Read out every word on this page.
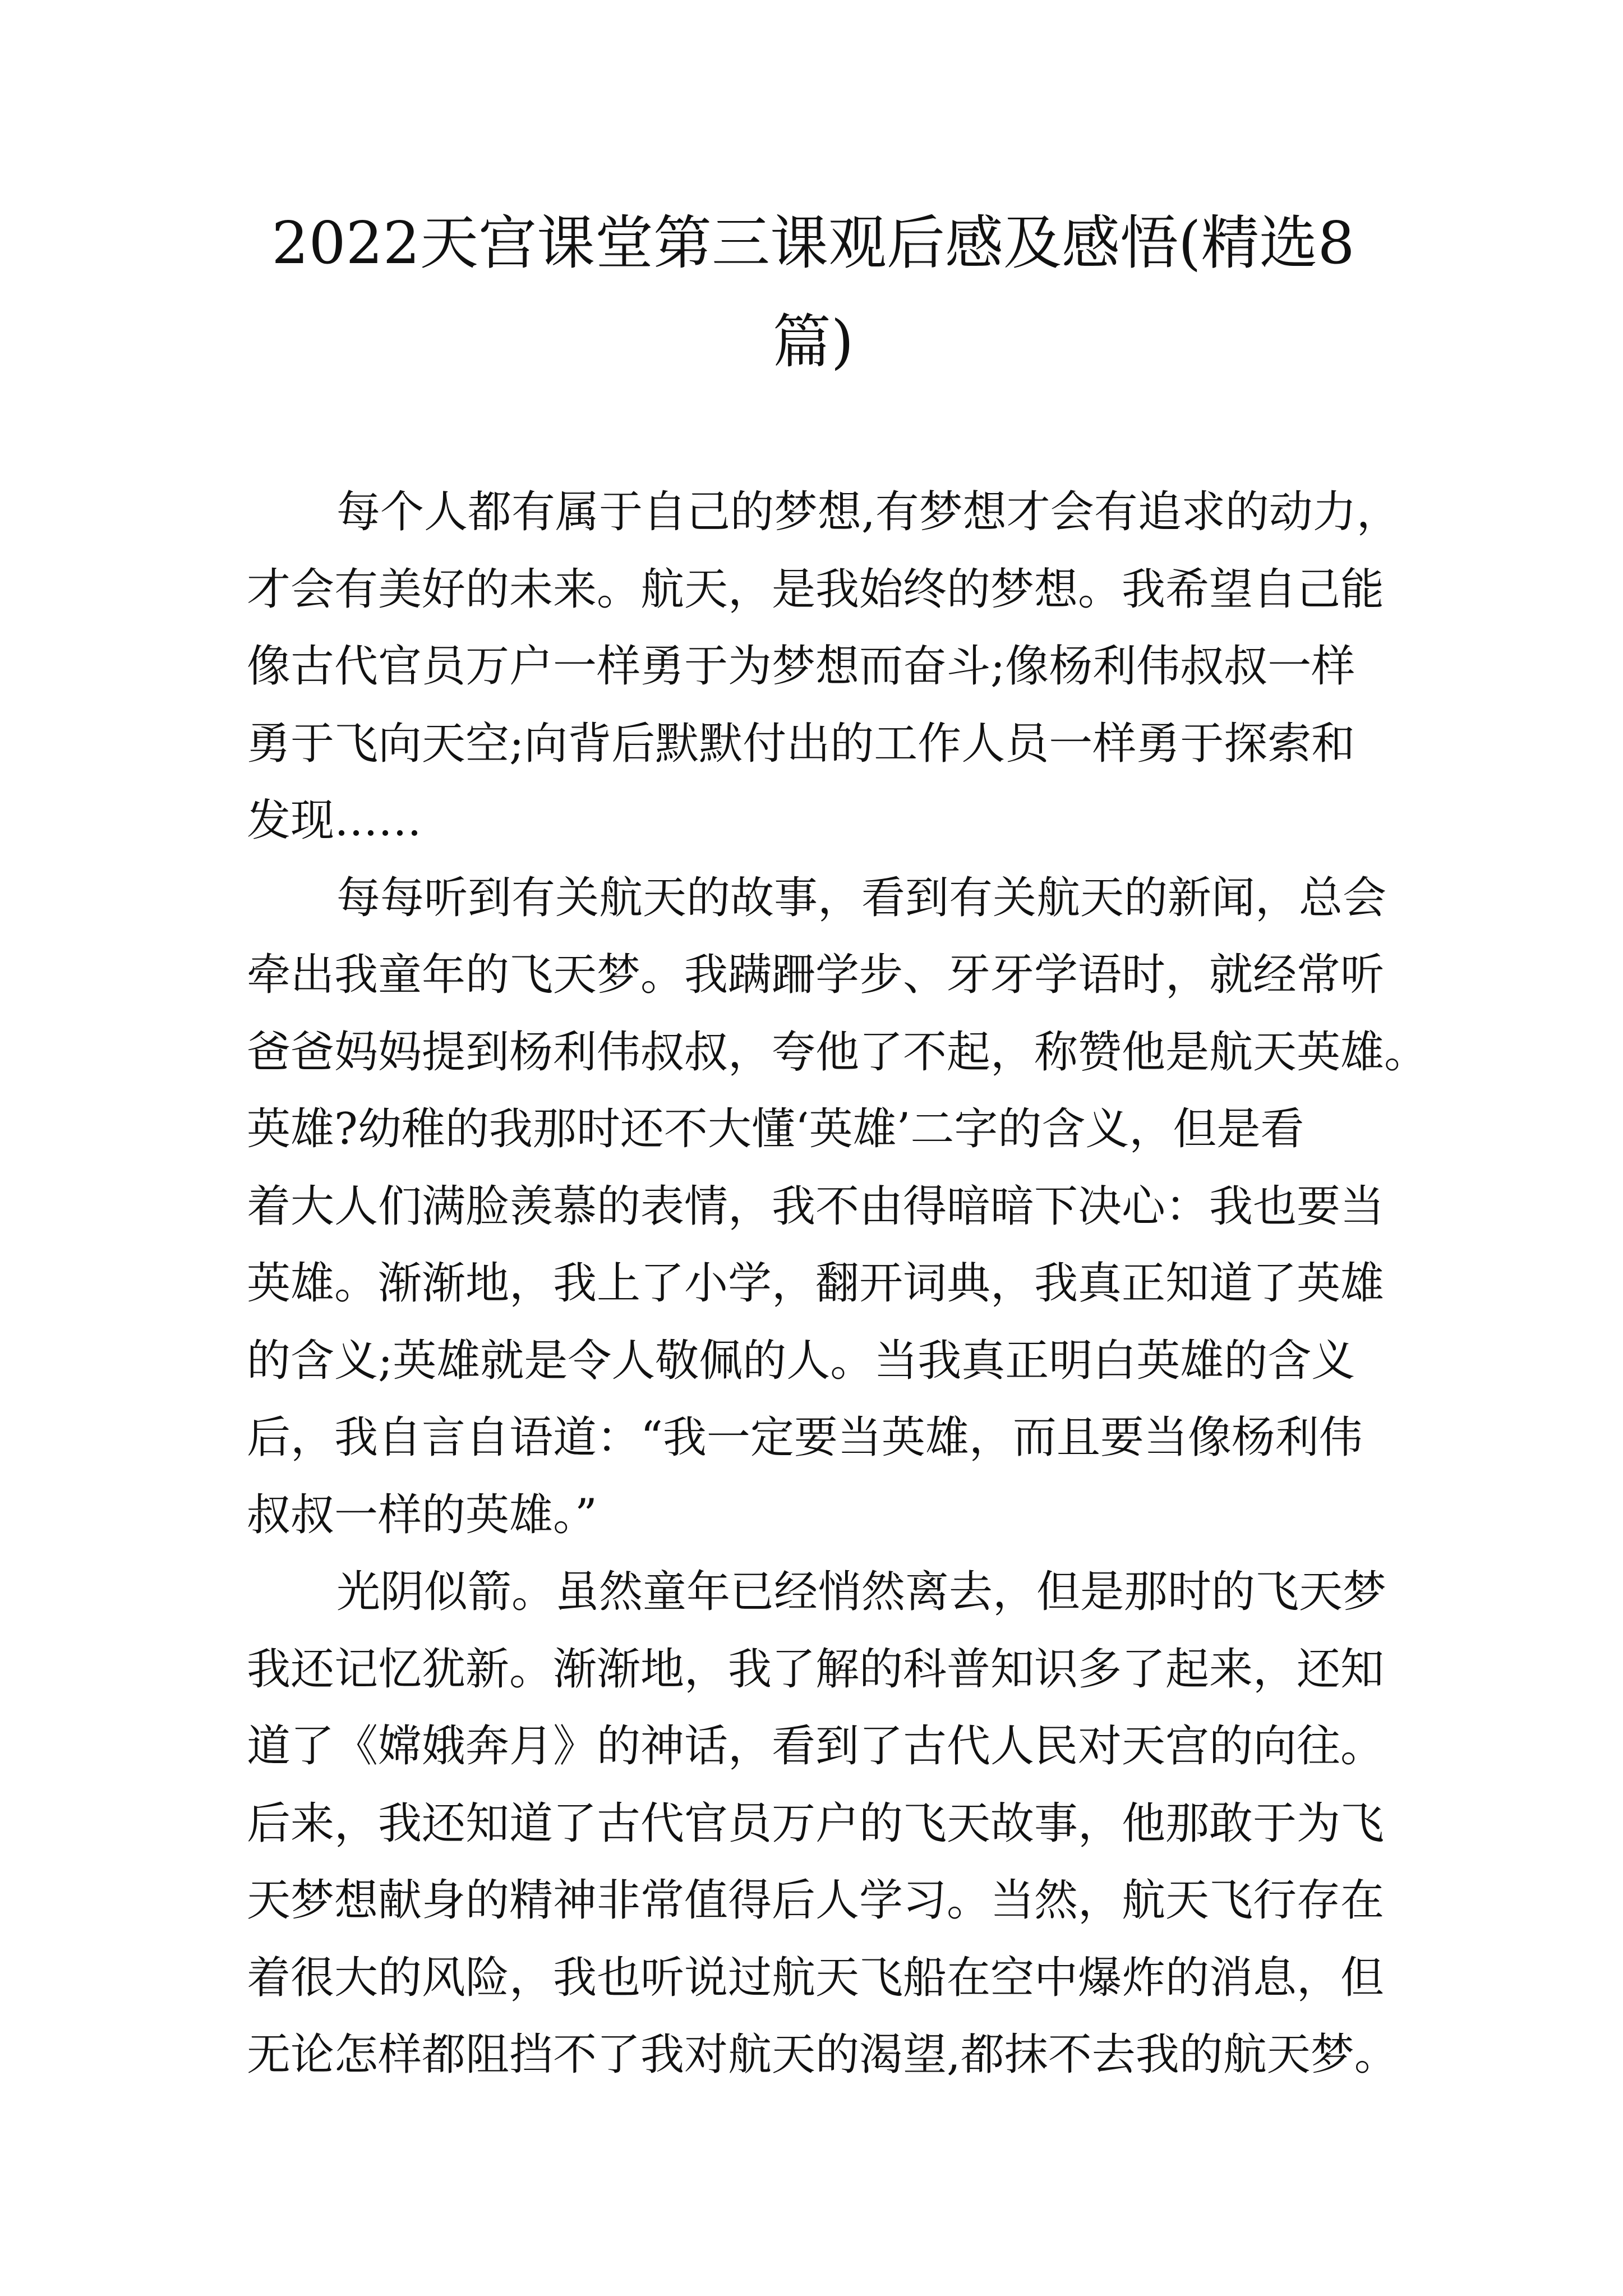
2022天宫课堂第三课观后感及感悟(精选8
篇)

每个人都有属于自己的梦想,有梦想才会有追求的动力，
才会有美好的未来。航天，是我始终的梦想。我希望自己能
像古代官员万户一样勇于为梦想而奋斗;像杨利伟叔叔一样
勇于飞向天空;向背后默默付出的工作人员一样勇于探索和
发现……

每每听到有关航天的故事，看到有关航天的新闻，总会
牵出我童年的飞天梦。我蹒跚学步、牙牙学语时，就经常听
爸爸妈妈提到杨利伟叔叔，夸他了不起，称赞他是航天英雄。
英雄?幼稚的我那时还不大懂‘英雄’二字的含义，但是看
着大人们满脸羡慕的表情，我不由得暗暗下决心：我也要当
英雄。渐渐地，我上了小学，翻开词典，我真正知道了英雄
的含义;英雄就是令人敬佩的人。当我真正明白英雄的含义
后，我自言自语道：“我一定要当英雄，而且要当像杨利伟
叔叔一样的英雄。”

光阴似箭。虽然童年已经悄然离去，但是那时的飞天梦
我还记忆犹新。渐渐地，我了解的科普知识多了起来，还知
道了《嫦娥奔月》的神话，看到了古代人民对天宫的向往。
后来，我还知道了古代官员万户的飞天故事，他那敢于为飞
天梦想献身的精神非常值得后人学习。当然，航天飞行存在
着很大的风险，我也听说过航天飞船在空中爆炸的消息，但
无论怎样都阻挡不了我对航天的渴望,都抹不去我的航天梦。
